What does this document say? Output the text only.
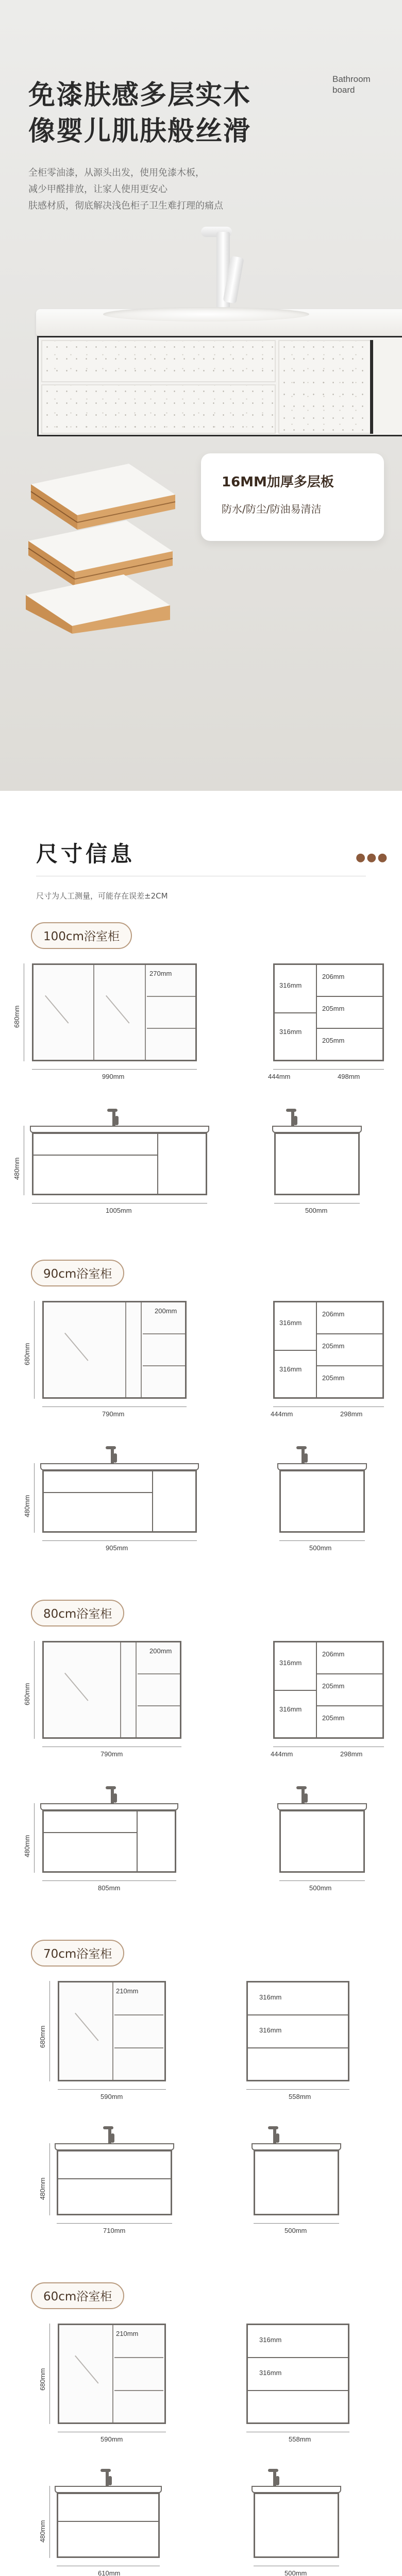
免漆肤感多层实木
像婴儿肌肤般丝滑
Bathroom
board
全柜零油漆，从源头出发，使用免漆木板，
减少甲醛排放，让家人使用更安心
肤感材质，彻底解决浅色柜子卫生难打理的痛点
16MM加厚多层板
防水/防尘/防油易清洁
尺寸信息	●●●
尺寸为人工测量，可能存在误差±2CM
100cm浴室柜
680mm
270mm
990mm
316mm
316mm
206mm
205mm
205mm
444mm	498mm
480mm
1005mm	500mm
90cm浴室柜
680mm
200mm
790mm
316mm
316mm
206mm
205mm
205mm
444mm	298mm
480mm
905mm	500mm
80cm浴室柜
680mm
200mm
790mm
316mm
316mm
206mm
205mm
205mm
444mm	298mm
480mm
805mm	500mm
70cm浴室柜
680mm
210mm
590mm
316mm
316mm
558mm
480mm
710mm	500mm
60cm浴室柜
680mm
210mm
590mm
316mm
316mm
558mm
480mm
610mm	500mm
